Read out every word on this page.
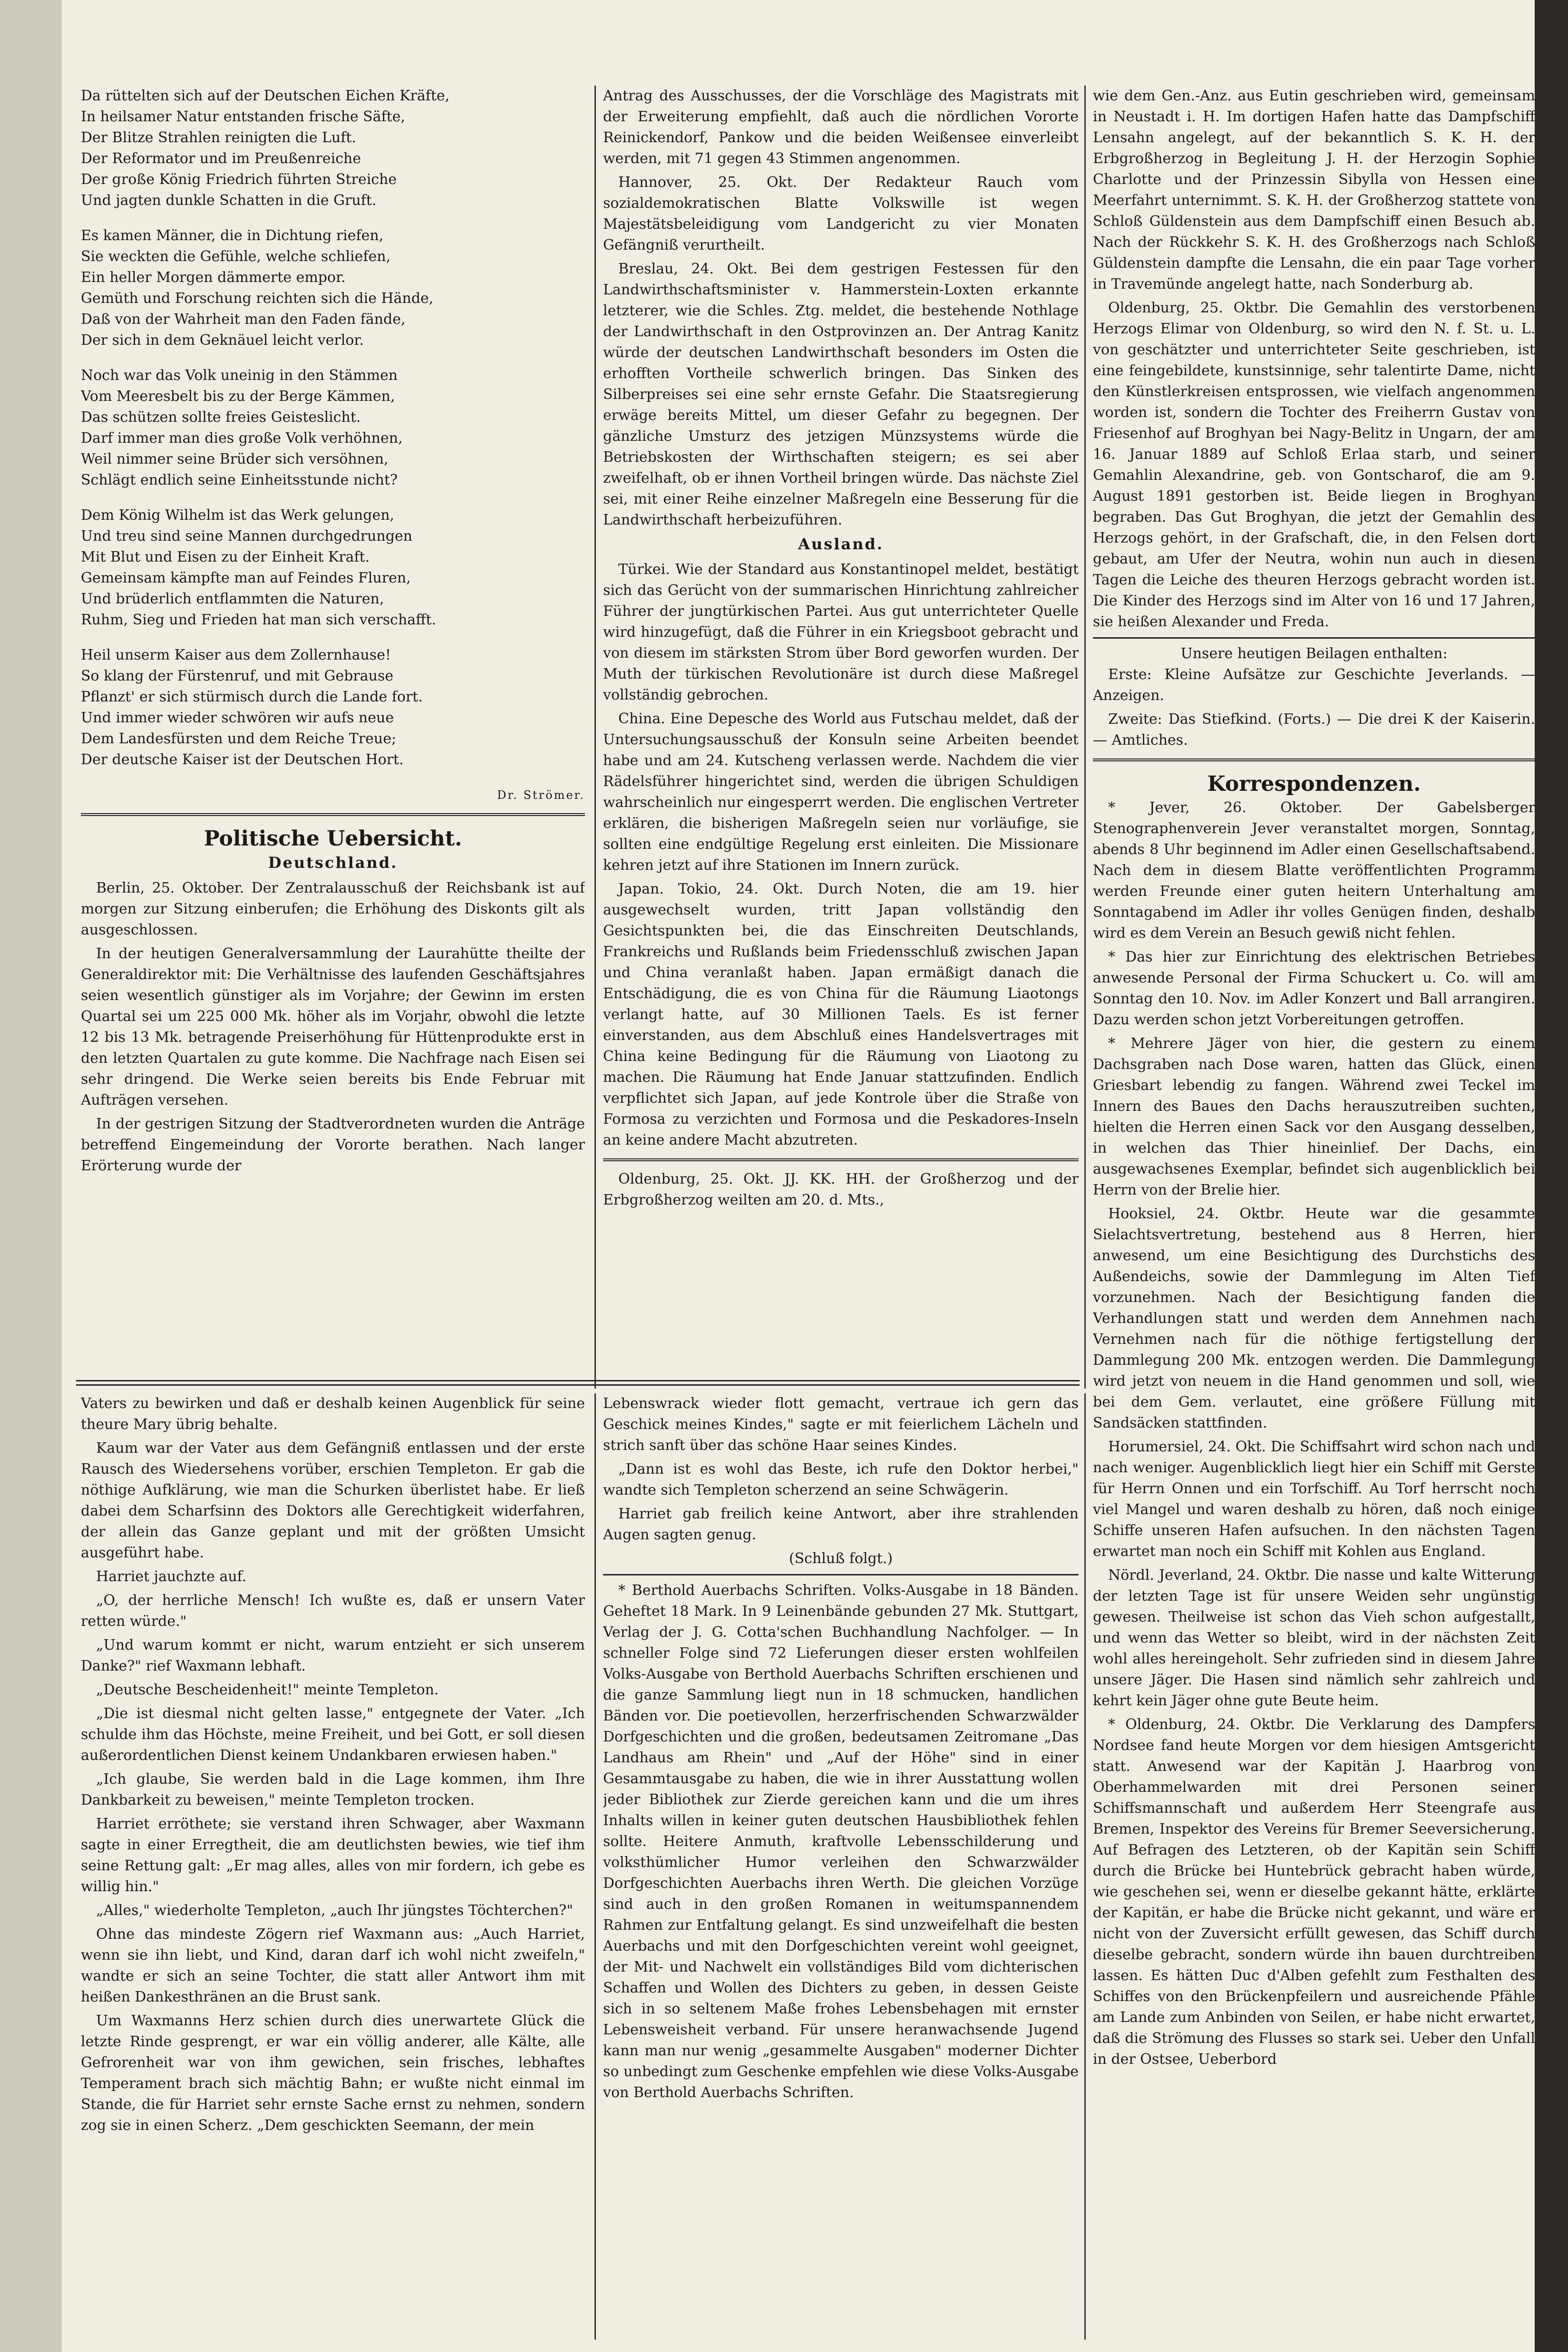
Da rüttelten sich auf der Deutschen Eichen Kräfte,

In heilsamer Natur entstanden frische Säfte,

Der Blitze Strahlen reinigten die Luft.

Der Reformator und im Preußenreiche

Der große König Friedrich führten Streiche

Und jagten dunkle Schatten in die Gruft.

Es kamen Männer, die in Dichtung riefen,

Sie weckten die Gefühle, welche schliefen,

Ein heller Morgen dämmerte empor.

Gemüth und Forschung reichten sich die Hände,

Daß von der Wahrheit man den Faden fände,

Der sich in dem Geknäuel leicht verlor.

Noch war das Volk uneinig in den Stämmen

Vom Meeresbelt bis zu der Berge Kämmen,

Das schützen sollte freies Geisteslicht.

Darf immer man dies große Volk verhöhnen,

Weil nimmer seine Brüder sich versöhnen,

Schlägt endlich seine Einheitsstunde nicht?

Dem König Wilhelm ist das Werk gelungen,

Und treu sind seine Mannen durchgedrungen

Mit Blut und Eisen zu der Einheit Kraft.

Gemeinsam kämpfte man auf Feindes Fluren,

Und brüderlich entflammten die Naturen,

Ruhm, Sieg und Frieden hat man sich verschafft.

Heil unserm Kaiser aus dem Zollernhause!

So klang der Fürstenruf, und mit Gebrause

Pflanzt' er sich stürmisch durch die Lande fort.

Und immer wieder schwören wir aufs neue

Dem Landesfürsten und dem Reiche Treue;

Der deutsche Kaiser ist der Deutschen Hort.

Dr. Strömer.
Politische Uebersicht.
Deutschland.

Berlin, 25. Oktober. Der Zentralausschuß der Reichsbank ist auf morgen zur Sitzung einberufen; die Erhöhung des Diskonts gilt als ausgeschlossen.

In der heutigen Generalversammlung der Laurahütte theilte der Generaldirektor mit: Die Verhältnisse des laufenden Geschäftsjahres seien wesentlich günstiger als im Vorjahre; der Gewinn im ersten Quartal sei um 225 000 Mk. höher als im Vorjahr, obwohl die letzte 12 bis 13 Mk. betragende Preiserhöhung für Hüttenprodukte erst in den letzten Quartalen zu gute komme. Die Nachfrage nach Eisen sei sehr dringend. Die Werke seien bereits bis Ende Februar mit Aufträgen versehen.

In der gestrigen Sitzung der Stadtverordneten wurden die Anträge betreffend Eingemeindung der Vororte berathen. Nach langer Erörterung wurde der

Antrag des Ausschusses, der die Vorschläge des Magistrats mit der Erweiterung empfiehlt, daß auch die nördlichen Vororte Reinickendorf, Pankow und die beiden Weißensee einverleibt werden, mit 71 gegen 43 Stimmen angenommen.

Hannover, 25. Okt. Der Redakteur Rauch vom sozialdemokratischen Blatte Volkswille ist wegen Majestätsbeleidigung vom Landgericht zu vier Monaten Gefängniß verurtheilt.

Breslau, 24. Okt. Bei dem gestrigen Festessen für den Landwirthschaftsminister v. Hammerstein-Loxten erkannte letzterer, wie die Schles. Ztg. meldet, die bestehende Nothlage der Landwirthschaft in den Ostprovinzen an. Der Antrag Kanitz würde der deutschen Landwirthschaft besonders im Osten die erhofften Vortheile schwerlich bringen. Das Sinken des Silberpreises sei eine sehr ernste Gefahr. Die Staatsregierung erwäge bereits Mittel, um dieser Gefahr zu begegnen. Der gänzliche Umsturz des jetzigen Münzsystems würde die Betriebskosten der Wirthschaften steigern; es sei aber zweifelhaft, ob er ihnen Vortheil bringen würde. Das nächste Ziel sei, mit einer Reihe einzelner Maßregeln eine Besserung für die Landwirthschaft herbeizuführen.

Ausland.

Türkei. Wie der Standard aus Konstantinopel meldet, bestätigt sich das Gerücht von der summarischen Hinrichtung zahlreicher Führer der jungtürkischen Partei. Aus gut unterrichteter Quelle wird hinzugefügt, daß die Führer in ein Kriegsboot gebracht und von diesem im stärksten Strom über Bord geworfen wurden. Der Muth der türkischen Revolutionäre ist durch diese Maßregel vollständig gebrochen.

China. Eine Depesche des World aus Futschau meldet, daß der Untersuchungsausschuß der Konsuln seine Arbeiten beendet habe und am 24. Kutscheng verlassen werde. Nachdem die vier Rädelsführer hingerichtet sind, werden die übrigen Schuldigen wahrscheinlich nur eingesperrt werden. Die englischen Vertreter erklären, die bisherigen Maßregeln seien nur vorläufige, sie sollten eine endgültige Regelung erst einleiten. Die Missionare kehren jetzt auf ihre Stationen im Innern zurück.

Japan. Tokio, 24. Okt. Durch Noten, die am 19. hier ausgewechselt wurden, tritt Japan vollständig den Gesichtspunkten bei, die das Einschreiten Deutschlands, Frankreichs und Rußlands beim Friedensschluß zwischen Japan und China veranlaßt haben. Japan ermäßigt danach die Entschädigung, die es von China für die Räumung Liaotongs verlangt hatte, auf 30 Millionen Taels. Es ist ferner einverstanden, aus dem Abschluß eines Handelsvertrages mit China keine Bedingung für die Räumung von Liaotong zu machen. Die Räumung hat Ende Januar stattzufinden. Endlich verpflichtet sich Japan, auf jede Kontrole über die Straße von Formosa zu verzichten und Formosa und die Peskadores-Inseln an keine andere Macht abzutreten.

Oldenburg, 25. Okt. JJ. KK. HH. der Großherzog und der Erbgroßherzog weilten am 20. d. Mts.,

wie dem Gen.-Anz. aus Eutin geschrieben wird, gemeinsam in Neustadt i. H. Im dortigen Hafen hatte das Dampfschiff Lensahn angelegt, auf der bekanntlich S. K. H. der Erbgroßherzog in Begleitung J. H. der Herzogin Sophie Charlotte und der Prinzessin Sibylla von Hessen eine Meerfahrt unternimmt. S. K. H. der Großherzog stattete von Schloß Güldenstein aus dem Dampfschiff einen Besuch ab. Nach der Rückkehr S. K. H. des Großherzogs nach Schloß Güldenstein dampfte die Lensahn, die ein paar Tage vorher in Travemünde angelegt hatte, nach Sonderburg ab.

Oldenburg, 25. Oktbr. Die Gemahlin des verstorbenen Herzogs Elimar von Oldenburg, so wird den N. f. St. u. L. von geschätzter und unterrichteter Seite geschrieben, ist eine feingebildete, kunstsinnige, sehr talentirte Dame, nicht den Künstlerkreisen entsprossen, wie vielfach angenommen worden ist, sondern die Tochter des Freiherrn Gustav von Friesenhof auf Broghyan bei Nagy-Belitz in Ungarn, der am 16. Januar 1889 auf Schloß Erlaa starb, und seiner Gemahlin Alexandrine, geb. von Gontscharof, die am 9. August 1891 gestorben ist. Beide liegen in Broghyan begraben. Das Gut Broghyan, die jetzt der Gemahlin des Herzogs gehört, in der Grafschaft, die, in den Felsen dort gebaut, am Ufer der Neutra, wohin nun auch in diesen Tagen die Leiche des theuren Herzogs gebracht worden ist. Die Kinder des Herzogs sind im Alter von 16 und 17 Jahren, sie heißen Alexander und Freda.

Unsere heutigen Beilagen enthalten:

Erste: Kleine Aufsätze zur Geschichte Jeverlands. — Anzeigen.

Zweite: Das Stiefkind. (Forts.) — Die drei K der Kaiserin. — Amtliches.

Korrespondenzen.

* Jever, 26. Oktober. Der Gabelsberger Stenographenverein Jever veranstaltet morgen, Sonntag, abends 8 Uhr beginnend im Adler einen Gesellschaftsabend. Nach dem in diesem Blatte veröffentlichten Programm werden Freunde einer guten heitern Unterhaltung am Sonntagabend im Adler ihr volles Genügen finden, deshalb wird es dem Verein an Besuch gewiß nicht fehlen.

* Das hier zur Einrichtung des elektrischen Betriebes anwesende Personal der Firma Schuckert u. Co. will am Sonntag den 10. Nov. im Adler Konzert und Ball arrangiren. Dazu werden schon jetzt Vorbereitungen getroffen.

* Mehrere Jäger von hier, die gestern zu einem Dachsgraben nach Dose waren, hatten das Glück, einen Griesbart lebendig zu fangen. Während zwei Teckel im Innern des Baues den Dachs herauszutreiben suchten, hielten die Herren einen Sack vor den Ausgang desselben, in welchen das Thier hineinlief. Der Dachs, ein ausgewachsenes Exemplar, befindet sich augenblicklich bei Herrn von der Brelie hier.

Hooksiel, 24. Oktbr. Heute war die gesammte Sielachtsvertretung, bestehend aus 8 Herren, hier anwesend, um eine Besichtigung des Durchstichs des Außendeichs, sowie der Dammlegung im Alten Tief vorzunehmen. Nach der Besichtigung fanden die Verhandlungen statt und werden dem Annehmen nach Vernehmen nach für die nöthige fertigstellung der Dammlegung 200 Mk. entzogen werden. Die Dammlegung wird jetzt von neuem in die Hand genommen und soll, wie bei dem Gem. verlautet, eine größere Füllung mit Sandsäcken stattfinden.

Horumersiel, 24. Okt. Die Schiffsahrt wird schon nach und nach weniger. Augenblicklich liegt hier ein Schiff mit Gerste für Herrn Onnen und ein Torfschiff. Au Torf herrscht noch viel Mangel und waren deshalb zu hören, daß noch einige Schiffe unseren Hafen aufsuchen. In den nächsten Tagen erwartet man noch ein Schiff mit Kohlen aus England.

Nördl. Jeverland, 24. Oktbr. Die nasse und kalte Witterung der letzten Tage ist für unsere Weiden sehr ungünstig gewesen. Theilweise ist schon das Vieh schon aufgestallt, und wenn das Wetter so bleibt, wird in der nächsten Zeit wohl alles hereingeholt. Sehr zufrieden sind in diesem Jahre unsere Jäger. Die Hasen sind nämlich sehr zahlreich und kehrt kein Jäger ohne gute Beute heim.

* Oldenburg, 24. Oktbr. Die Verklarung des Dampfers Nordsee fand heute Morgen vor dem hiesigen Amtsgericht statt. Anwesend war der Kapitän J. Haarbrog von Oberhammelwarden mit drei Personen seiner Schiffsmannschaft und außerdem Herr Steengrafe aus Bremen, Inspektor des Vereins für Bremer Seeversicherung. Auf Befragen des Letzteren, ob der Kapitän sein Schiff durch die Brücke bei Huntebrück gebracht haben würde, wie geschehen sei, wenn er dieselbe gekannt hätte, erklärte der Kapitän, er habe die Brücke nicht gekannt, und wäre er nicht von der Zuversicht erfüllt gewesen, das Schiff durch dieselbe gebracht, sondern würde ihn bauen durchtreiben lassen. Es hätten Duc d'Alben gefehlt zum Festhalten des Schiffes von den Brückenpfeilern und ausreichende Pfähle am Lande zum Anbinden von Seilen, er habe nicht erwartet, daß die Strömung des Flusses so stark sei. Ueber den Unfall in der Ostsee, Ueberbord

Vaters zu bewirken und daß er deshalb keinen Augenblick für seine theure Mary übrig behalte.

Kaum war der Vater aus dem Gefängniß entlassen und der erste Rausch des Wiedersehens vorüber, erschien Templeton. Er gab die nöthige Aufklärung, wie man die Schurken überlistet habe. Er ließ dabei dem Scharfsinn des Doktors alle Gerechtigkeit widerfahren, der allein das Ganze geplant und mit der größten Umsicht ausgeführt habe.

Harriet jauchzte auf.

„O, der herrliche Mensch! Ich wußte es, daß er unsern Vater retten würde."

„Und warum kommt er nicht, warum entzieht er sich unserem Danke?" rief Waxmann lebhaft.

„Deutsche Bescheidenheit!" meinte Templeton.

„Die ist diesmal nicht gelten lasse," entgegnete der Vater. „Ich schulde ihm das Höchste, meine Freiheit, und bei Gott, er soll diesen außerordentlichen Dienst keinem Undankbaren erwiesen haben."

„Ich glaube, Sie werden bald in die Lage kommen, ihm Ihre Dankbarkeit zu beweisen," meinte Templeton trocken.

Harriet erröthete; sie verstand ihren Schwager, aber Waxmann sagte in einer Erregtheit, die am deutlichsten bewies, wie tief ihm seine Rettung galt: „Er mag alles, alles von mir fordern, ich gebe es willig hin."

„Alles," wiederholte Templeton, „auch Ihr jüngstes Töchterchen?"

Ohne das mindeste Zögern rief Waxmann aus: „Auch Harriet, wenn sie ihn liebt, und Kind, daran darf ich wohl nicht zweifeln," wandte er sich an seine Tochter, die statt aller Antwort ihm mit heißen Dankesthränen an die Brust sank.

Um Waxmanns Herz schien durch dies unerwartete Glück die letzte Rinde gesprengt, er war ein völlig anderer, alle Kälte, alle Gefrorenheit war von ihm gewichen, sein frisches, lebhaftes Temperament brach sich mächtig Bahn; er wußte nicht einmal im Stande, die für Harriet sehr ernste Sache ernst zu nehmen, sondern zog sie in einen Scherz. „Dem geschickten Seemann, der mein

Lebenswrack wieder flott gemacht, vertraue ich gern das Geschick meines Kindes," sagte er mit feierlichem Lächeln und strich sanft über das schöne Haar seines Kindes.

„Dann ist es wohl das Beste, ich rufe den Doktor herbei," wandte sich Templeton scherzend an seine Schwägerin.

Harriet gab freilich keine Antwort, aber ihre strahlenden Augen sagten genug.

(Schluß folgt.)

* Berthold Auerbachs Schriften. Volks-Ausgabe in 18 Bänden. Geheftet 18 Mark. In 9 Leinenbände gebunden 27 Mk. Stuttgart, Verlag der J. G. Cotta'schen Buchhandlung Nachfolger. — In schneller Folge sind 72 Lieferungen dieser ersten wohlfeilen Volks-Ausgabe von Berthold Auerbachs Schriften erschienen und die ganze Sammlung liegt nun in 18 schmucken, handlichen Bänden vor. Die poetievollen, herzerfrischenden Schwarzwälder Dorfgeschichten und die großen, bedeutsamen Zeitromane „Das Landhaus am Rhein" und „Auf der Höhe" sind in einer Gesammtausgabe zu haben, die wie in ihrer Ausstattung wollen jeder Bibliothek zur Zierde gereichen kann und die um ihres Inhalts willen in keiner guten deutschen Hausbibliothek fehlen sollte. Heitere Anmuth, kraftvolle Lebensschilderung und volksthümlicher Humor verleihen den Schwarzwälder Dorfgeschichten Auerbachs ihren Werth. Die gleichen Vorzüge sind auch in den großen Romanen in weitumspannendem Rahmen zur Entfaltung gelangt. Es sind unzweifelhaft die besten Auerbachs und mit den Dorfgeschichten vereint wohl geeignet, der Mit- und Nachwelt ein vollständiges Bild vom dichterischen Schaffen und Wollen des Dichters zu geben, in dessen Geiste sich in so seltenem Maße frohes Lebensbehagen mit ernster Lebensweisheit verband. Für unsere heranwachsende Jugend kann man nur wenig „gesammelte Ausgaben" moderner Dichter so unbedingt zum Geschenke empfehlen wie diese Volks-Ausgabe von Berthold Auerbachs Schriften.
